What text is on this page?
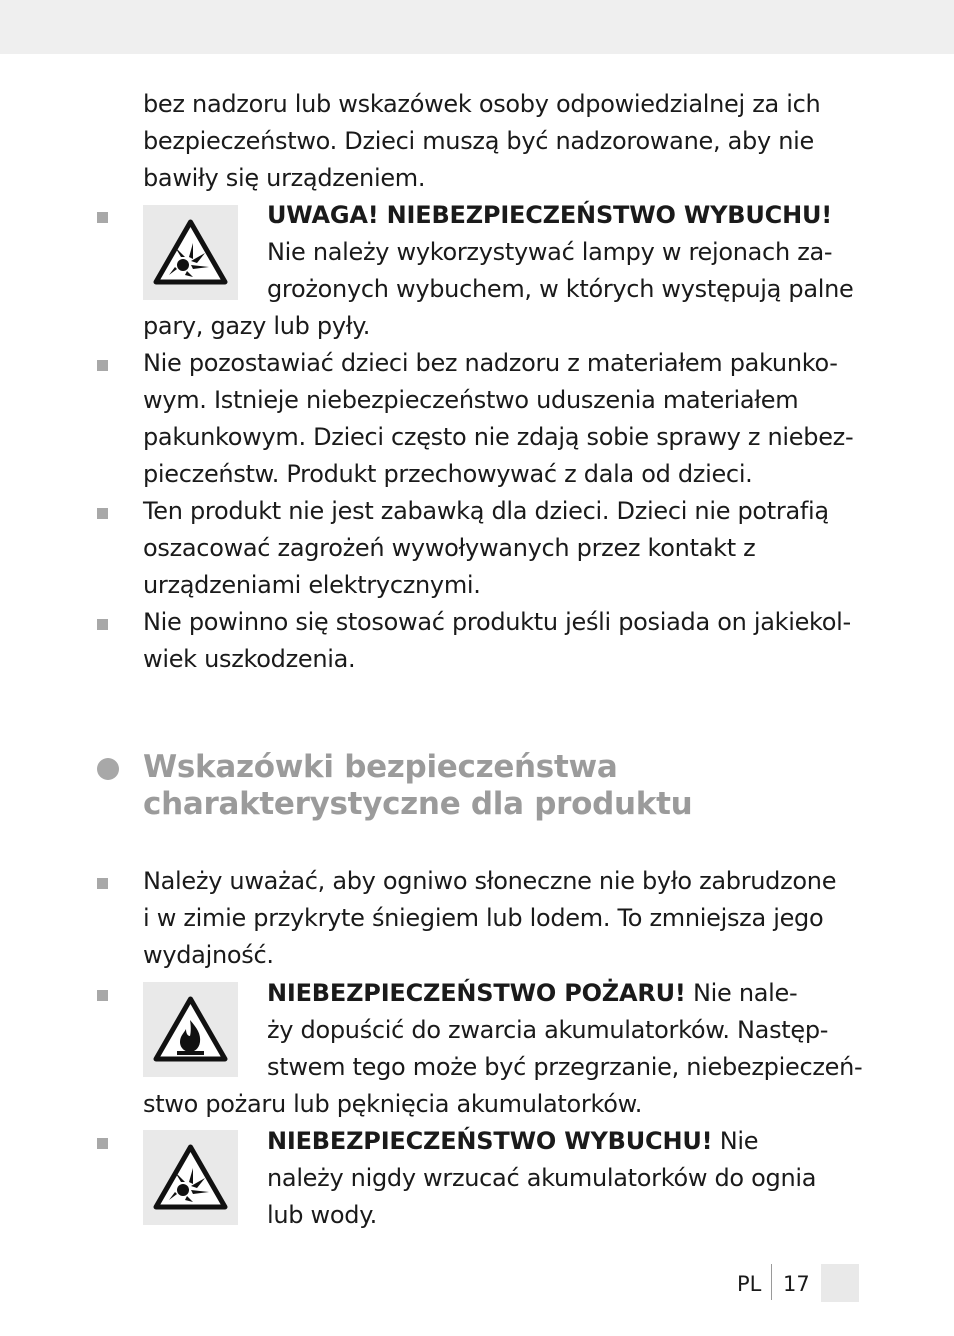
bez nadzoru lub wskazówek osoby odpowiedzialnej za ich
bezpieczeństwo. Dzieci muszą być nadzorowane, aby nie
bawiły się urządzeniem.
UWAGA! NIEBEZPIECZEŃSTWO WYBUCHU!
Nie należy wykorzystywać lampy w rejonach za-
grożonych wybuchem, w których występują palne
pary, gazy lub pyły.
Nie pozostawiać dzieci bez nadzoru z materiałem pakunko-
wym. Istnieje niebezpieczeństwo uduszenia materiałem
pakunkowym. Dzieci często nie zdają sobie sprawy z niebez-
pieczeństw. Produkt przechowywać z dala od dzieci.
Ten produkt nie jest zabawką dla dzieci. Dzieci nie potrafią
oszacować zagrożeń wywoływanych przez kontakt z
urządzeniami elektrycznymi.
Nie powinno się stosować produktu jeśli posiada on jakiekol-
wiek uszkodzenia.
Wskazówki bezpieczeństwa
charakterystyczne dla produktu
Należy uważać, aby ogniwo słoneczne nie było zabrudzone
i w zimie przykryte śniegiem lub lodem. To zmniejsza jego
wydajność.
NIEBEZPIECZEŃSTWO POŻARU! Nie nale-
ży dopuścić do zwarcia akumulatorków. Następ-
stwem tego może być przegrzanie, niebezpieczeń-
stwo pożaru lub pęknięcia akumulatorków.
NIEBEZPIECZEŃSTWO WYBUCHU! Nie
należy nigdy wrzucać akumulatorków do ognia
lub wody.
PL 17
